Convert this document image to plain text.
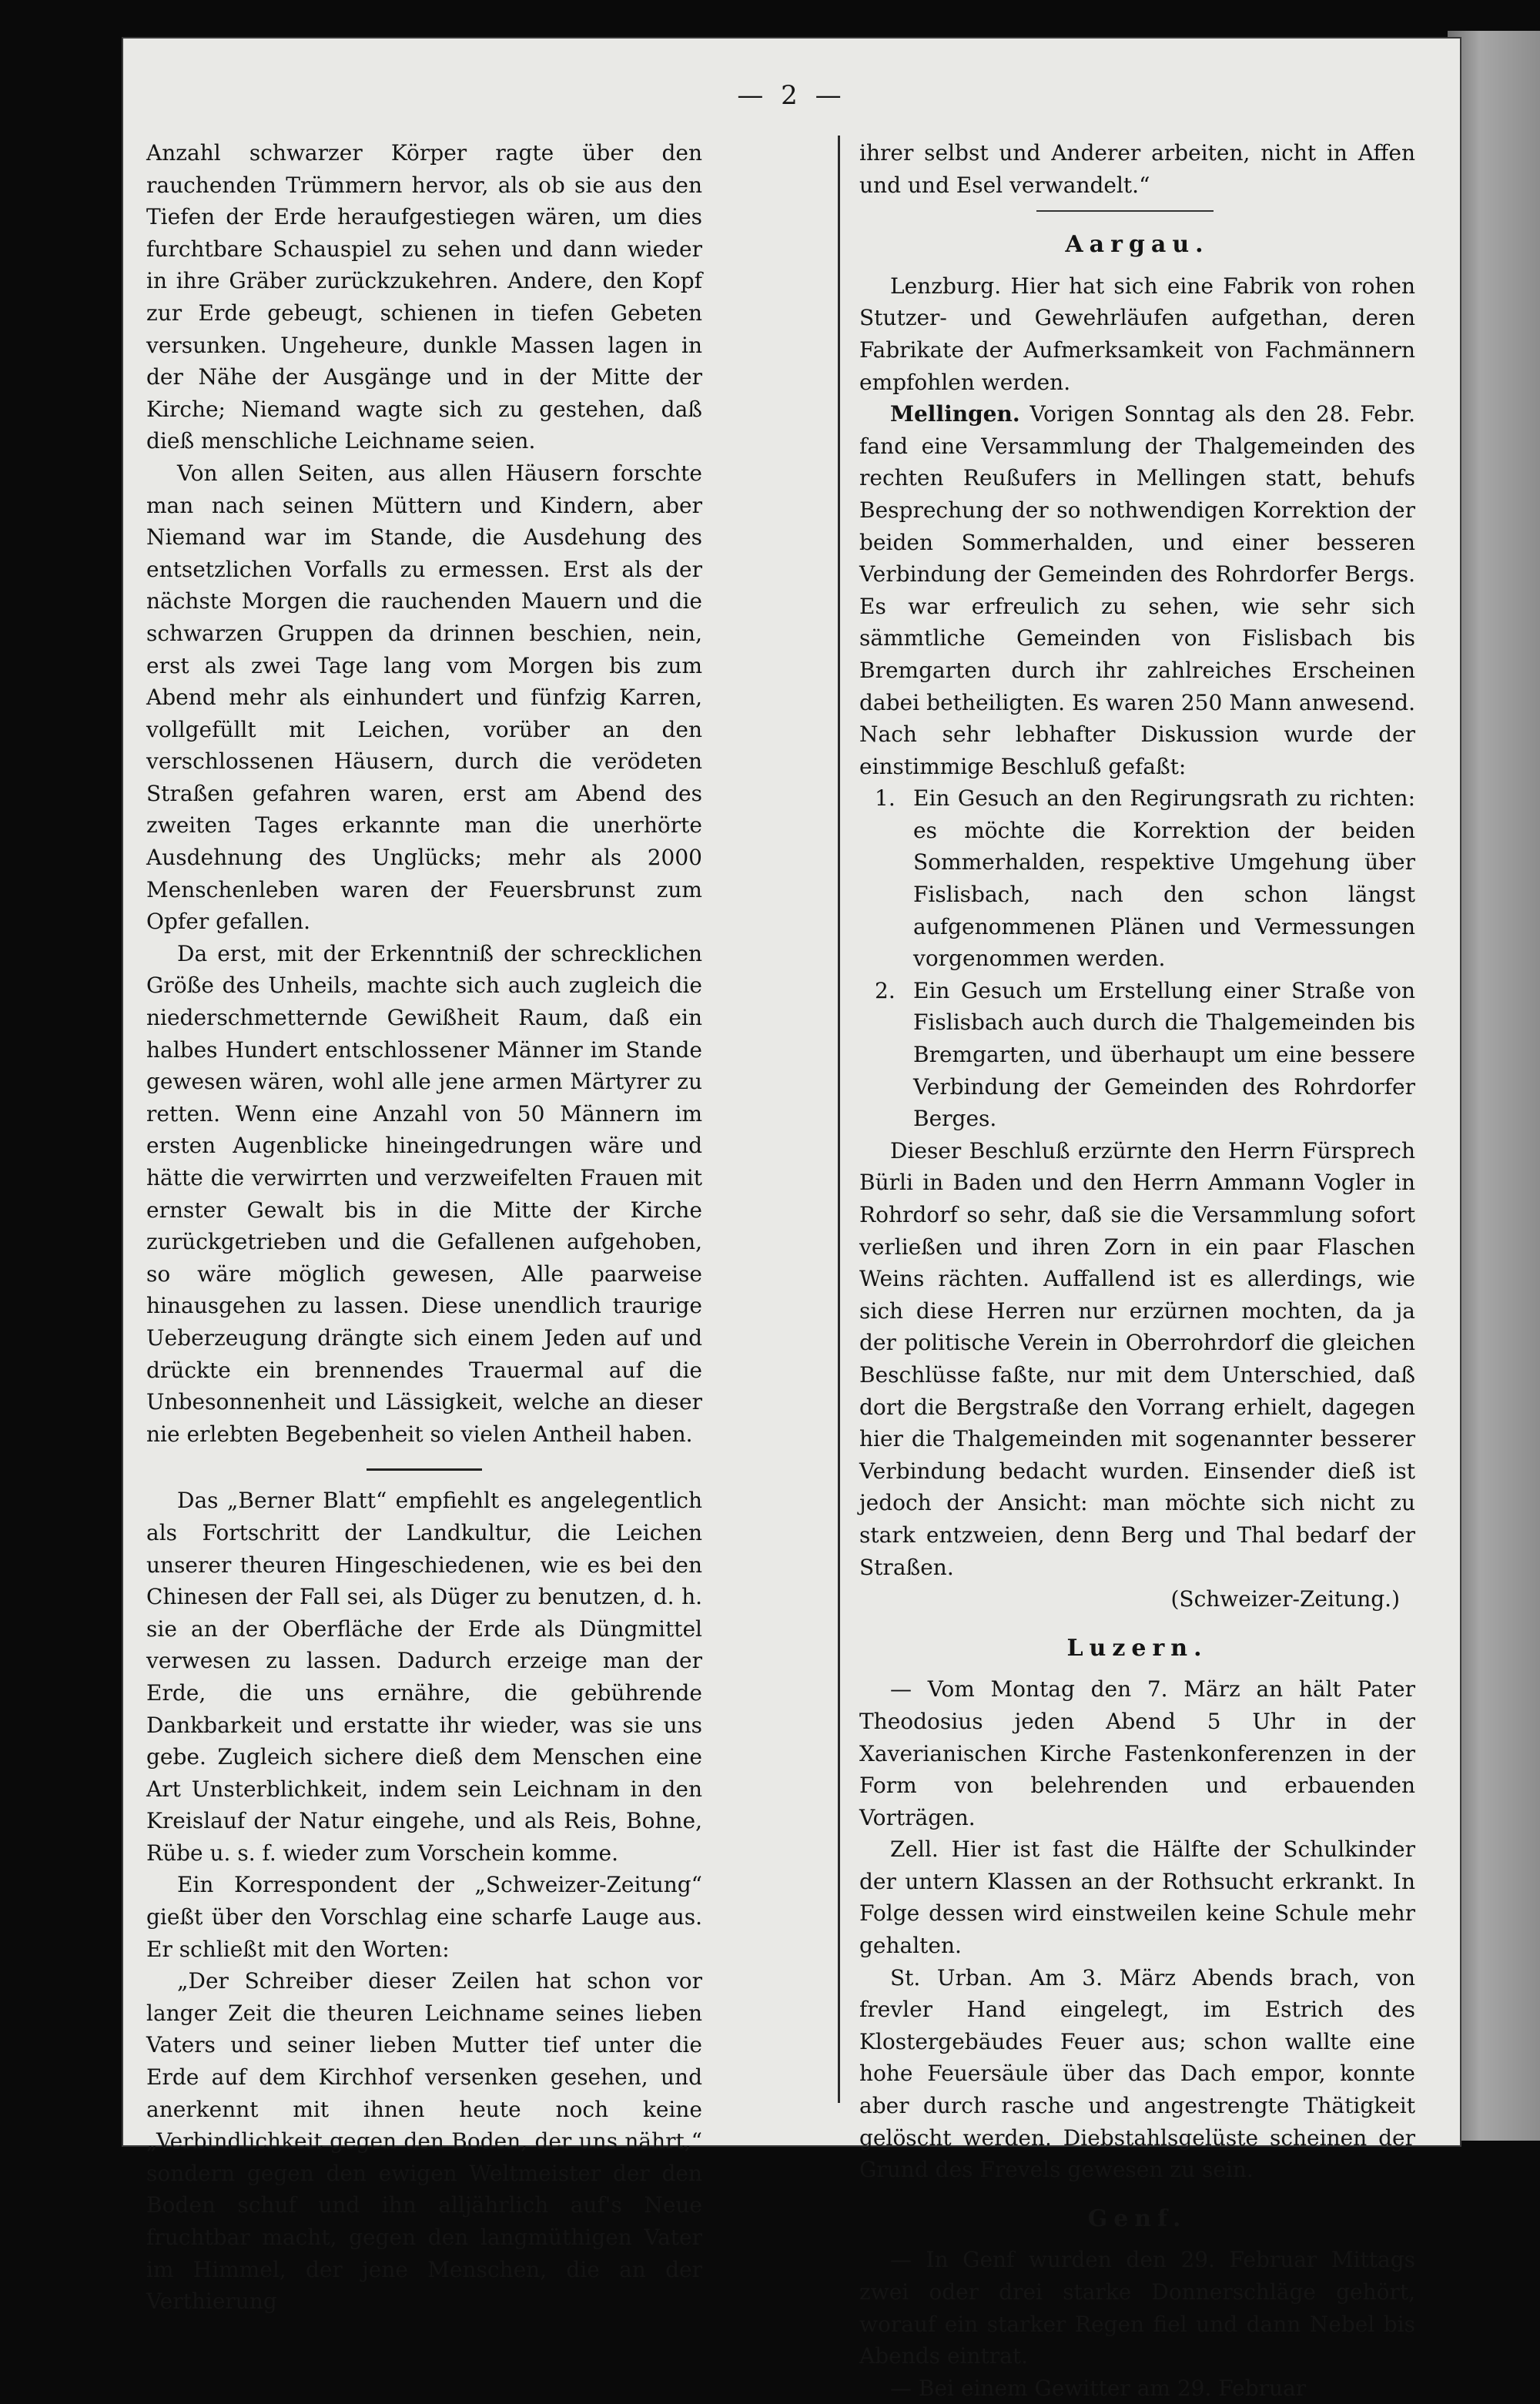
— 2 —

Anzahl schwarzer Körper ragte über den rauchenden Trümmern hervor, als ob sie aus den Tiefen der Erde heraufgestiegen wären, um dies furchtbare Schauspiel zu sehen und dann wieder in ihre Gräber zurückzukehren. Andere, den Kopf zur Erde gebeugt, schienen in tiefen Gebeten versunken. Ungeheure, dunkle Massen lagen in der Nähe der Ausgänge und in der Mitte der Kirche; Niemand wagte sich zu gestehen, daß dieß menschliche Leichname seien.

Von allen Seiten, aus allen Häusern forschte man nach seinen Müttern und Kindern, aber Niemand war im Stande, die Ausdehung des entsetzlichen Vorfalls zu ermessen. Erst als der nächste Morgen die rauchenden Mauern und die schwarzen Gruppen da drinnen beschien, nein, erst als zwei Tage lang vom Morgen bis zum Abend mehr als einhundert und fünfzig Karren, vollgefüllt mit Leichen, vorüber an den verschlossenen Häusern, durch die verödeten Straßen gefahren waren, erst am Abend des zweiten Tages erkannte man die unerhörte Ausdehnung des Unglücks; mehr als 2000 Menschenleben waren der Feuersbrunst zum Opfer gefallen.

Da erst, mit der Erkenntniß der schrecklichen Größe des Unheils, machte sich auch zugleich die niederschmetternde Gewißheit Raum, daß ein halbes Hundert entschlossener Männer im Stande gewesen wären, wohl alle jene armen Märtyrer zu retten. Wenn eine Anzahl von 50 Männern im ersten Augenblicke hineingedrungen wäre und hätte die verwirrten und verzweifelten Frauen mit ernster Gewalt bis in die Mitte der Kirche zurückgetrieben und die Gefallenen aufgehoben, so wäre möglich gewesen, Alle paarweise hinausgehen zu lassen. Diese unendlich traurige Ueberzeugung drängte sich einem Jeden auf und drückte ein brennendes Trauermal auf die Unbesonnenheit und Lässigkeit, welche an dieser nie erlebten Begebenheit so vielen Antheil haben.

Das „Berner Blatt“ empfiehlt es angelegentlich als Fortschritt der Landkultur, die Leichen unserer theuren Hingeschiedenen, wie es bei den Chinesen der Fall sei, als Düger zu benutzen, d. h. sie an der Oberfläche der Erde als Düngmittel verwesen zu lassen. Dadurch erzeige man der Erde, die uns ernähre, die gebührende Dankbarkeit und erstatte ihr wieder, was sie uns gebe. Zugleich sichere dieß dem Menschen eine Art Unsterblichkeit, indem sein Leichnam in den Kreislauf der Natur eingehe, und als Reis, Bohne, Rübe u. s. f. wieder zum Vorschein komme.

Ein Korrespondent der „Schweizer-Zeitung“ gießt über den Vorschlag eine scharfe Lauge aus. Er schließt mit den Worten:

„Der Schreiber dieser Zeilen hat schon vor langer Zeit die theuren Leichname seines lieben Vaters und seiner lieben Mutter tief unter die Erde auf dem Kirchhof versenken gesehen, und anerkennt mit ihnen heute noch keine „Verbindlichkeit gegen den Boden, der uns nährt,“ sondern gegen den ewigen Weltmeister der den Boden schuf und ihn alljährlich auf's Neue fruchtbar macht, gegen den langmüthigen Vater im Himmel, der jene Menschen, die an der Verthierung

ihrer selbst und Anderer arbeiten, nicht in Affen und und Esel verwandelt.“

Aargau.

Lenzburg. Hier hat sich eine Fabrik von rohen Stutzer- und Gewehrläufen aufgethan, deren Fabrikate der Aufmerksamkeit von Fachmännern empfohlen werden.

Mellingen. Vorigen Sonntag als den 28. Febr. fand eine Versammlung der Thalgemeinden des rechten Reußufers in Mellingen statt, behufs Besprechung der so nothwendigen Korrektion der beiden Sommerhalden, und einer besseren Verbindung der Gemeinden des Rohrdorfer Bergs. Es war erfreulich zu sehen, wie sehr sich sämmtliche Gemeinden von Fislisbach bis Bremgarten durch ihr zahlreiches Erscheinen dabei betheiligten. Es waren 250 Mann anwesend. Nach sehr lebhafter Diskussion wurde der einstimmige Beschluß gefaßt:

1. Ein Gesuch an den Regirungsrath zu richten: es möchte die Korrektion der beiden Sommerhalden, respektive Umgehung über Fislisbach, nach den schon längst aufgenommenen Plänen und Vermessungen vorgenommen werden.
2. Ein Gesuch um Erstellung einer Straße von Fislisbach auch durch die Thalgemeinden bis Bremgarten, und überhaupt um eine bessere Verbindung der Gemeinden des Rohrdorfer Berges.

Dieser Beschluß erzürnte den Herrn Fürsprech Bürli in Baden und den Herrn Ammann Vogler in Rohrdorf so sehr, daß sie die Versammlung sofort verließen und ihren Zorn in ein paar Flaschen Weins rächten. Auffallend ist es allerdings, wie sich diese Herren nur erzürnen mochten, da ja der politische Verein in Oberrohrdorf die gleichen Beschlüsse faßte, nur mit dem Unterschied, daß dort die Bergstraße den Vorrang erhielt, dagegen hier die Thalgemeinden mit sogenannter besserer Verbindung bedacht wurden. Einsender dieß ist jedoch der Ansicht: man möchte sich nicht zu stark entzweien, denn Berg und Thal bedarf der Straßen.

(Schweizer-Zeitung.)
Luzern.

— Vom Montag den 7. März an hält Pater Theodosius jeden Abend 5 Uhr in der Xaverianischen Kirche Fastenkonferenzen in der Form von belehrenden und erbauenden Vorträgen.

Zell. Hier ist fast die Hälfte der Schulkinder der untern Klassen an der Rothsucht erkrankt. In Folge dessen wird einstweilen keine Schule mehr gehalten.

St. Urban. Am 3. März Abends brach, von frevler Hand eingelegt, im Estrich des Klostergebäudes Feuer aus; schon wallte eine hohe Feuersäule über das Dach empor, konnte aber durch rasche und angestrengte Thätigkeit gelöscht werden. Diebstahlsgelüste scheinen der Grund des Frevels gewesen zu sein.

Genf.

— In Genf wurden den 29. Februar Mittags zwei oder drei starke Donnerschläge gehört, worauf ein starker Regen fiel und dann Nebel bis Abends eintrat.

— Bei einem Gewitter am 29. Februar
